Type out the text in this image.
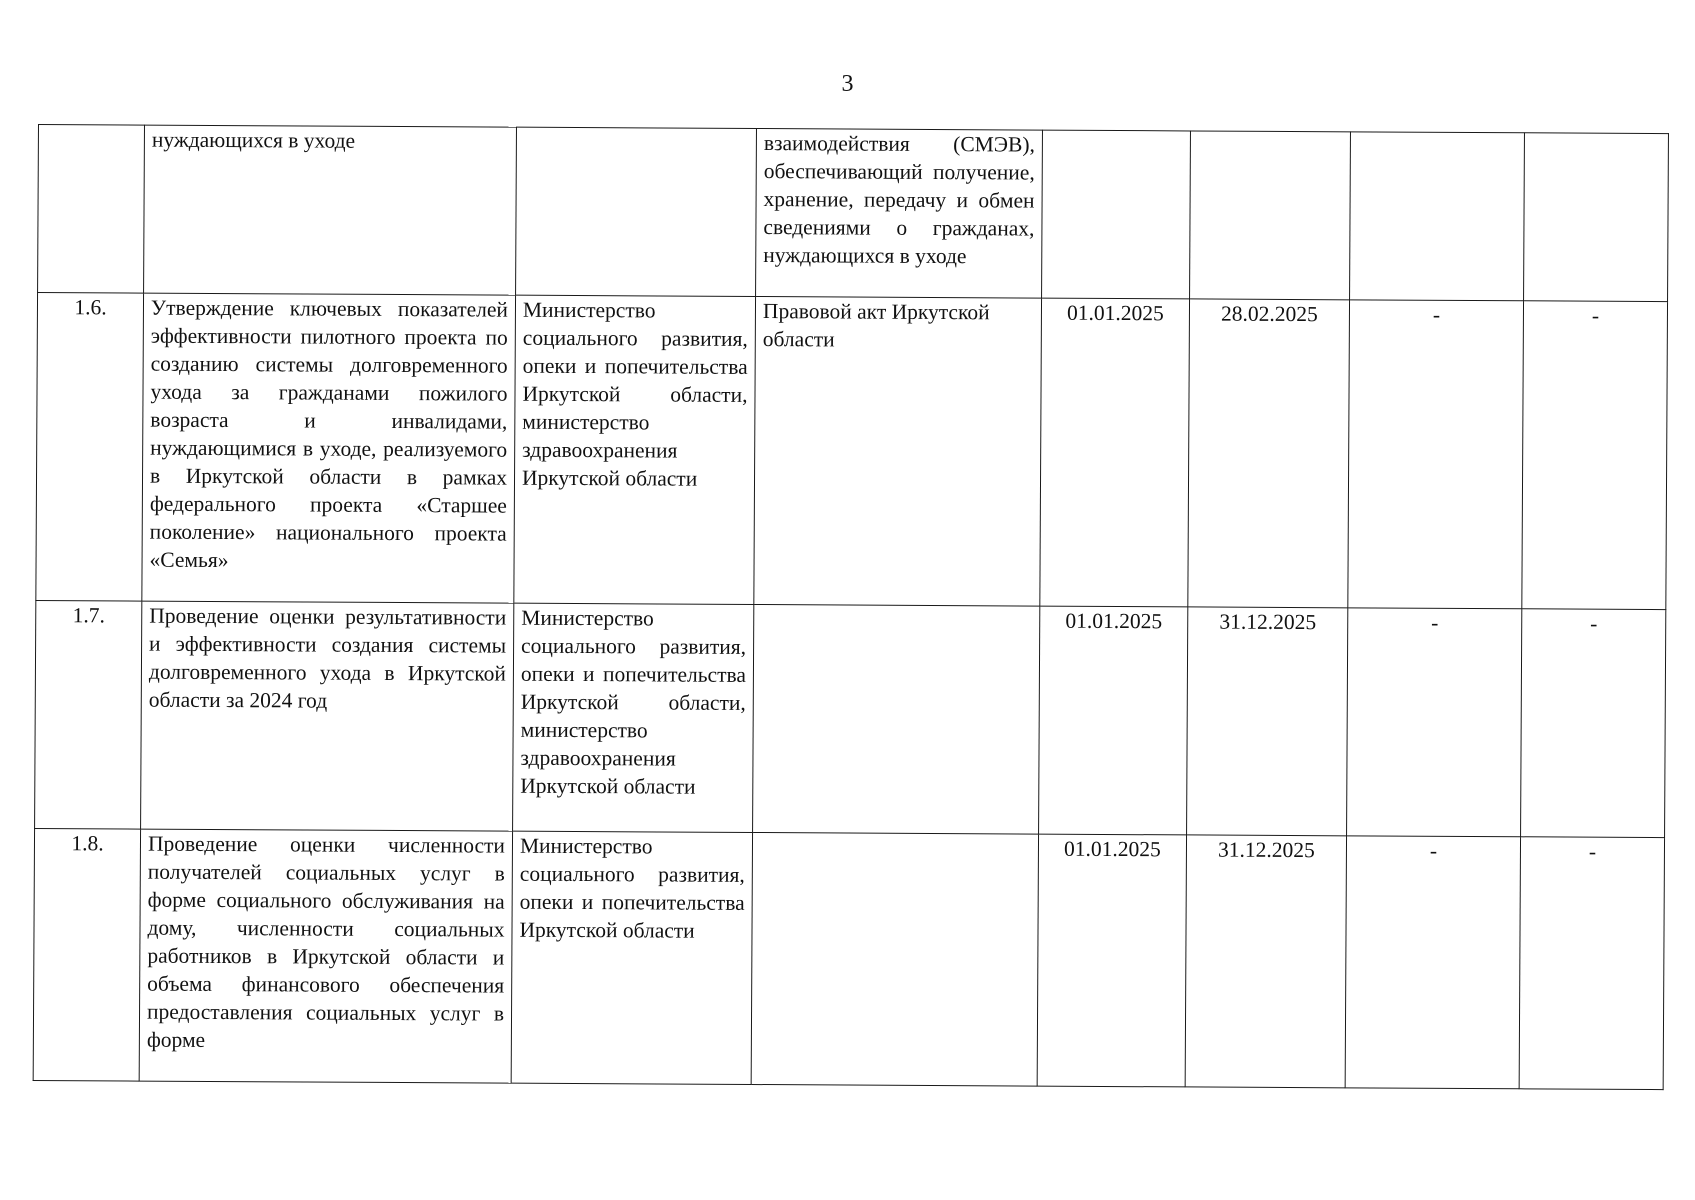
3
	нуждающихся в уходе		взаимодействия (СМЭВ), обеспечивающий получение, хранение, передачу и обмен сведениями о гражданах, нуждающихся в уходе				
1.6.	Утверждение ключевых показателей эффективности пилотного проекта по созданию системы долговременного ухода за гражданами пожилого возраста и инвалидами, нуждающимися в уходе, реализуемого в Иркутской области в рамках федерального проекта «Старшее поколение» национального проекта «Семья»	Министерство социального развития, опеки и попечительства Иркутской области, министерство здравоохранения Иркутской области	Правовой акт Иркутской области	01.01.2025	28.02.2025	-	-
1.7.	Проведение оценки результативности и эффективности создания системы долговременного ухода в Иркутской области за 2024 год	Министерство социального развития, опеки и попечительства Иркутской области, министерство здравоохранения Иркутской области		01.01.2025	31.12.2025	-	-
1.8.	Проведение оценки численности получателей социальных услуг в форме социального обслуживания на дому, численности социальных работников в Иркутской области и объема финансового обеспечения предоставления социальных услуг в форме	Министерство социального развития, опеки и попечительства Иркутской области		01.01.2025	31.12.2025	-	-
